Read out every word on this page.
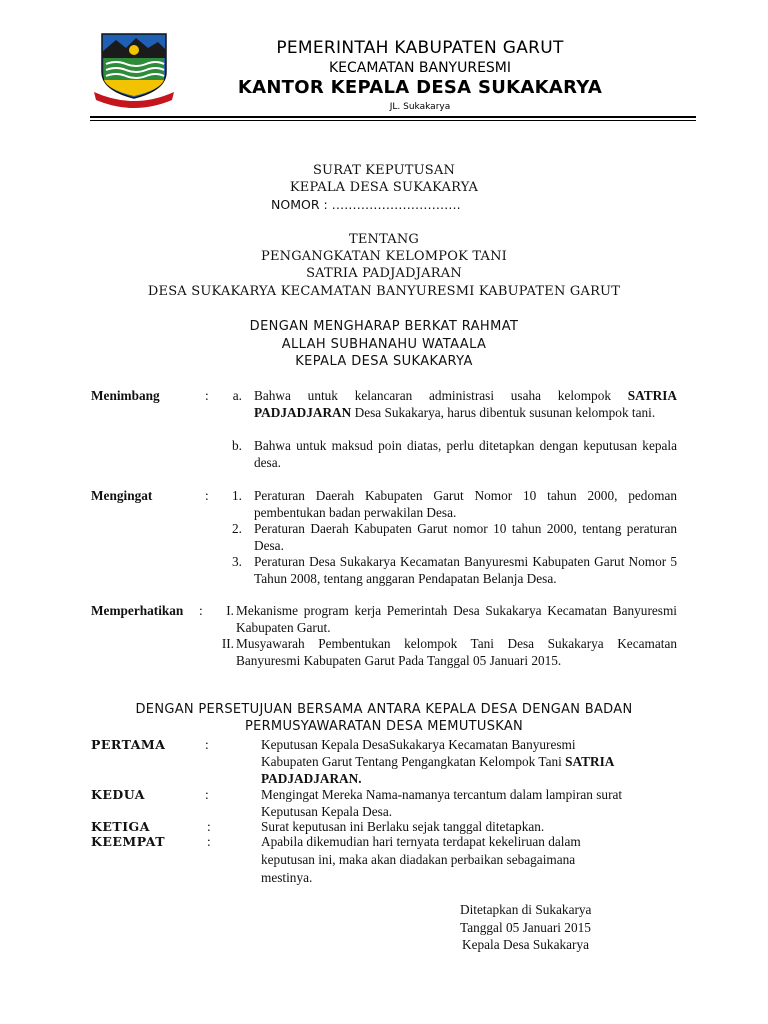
PEMERINTAH KABUPATEN GARUT
KECAMATAN BANYURESMI
KANTOR KEPALA DESA SUKAKARYA
JL. Sukakarya
SURAT KEPUTUSAN
KEPALA DESA SUKAKARYA
NOMOR : ………………………….
TENTANG
PENGANGKATAN KELOMPOK TANI
SATRIA PADJADJARAN
DESA SUKAKARYA KECAMATAN BANYURESMI KABUPATEN GARUT
DENGAN MENGHARAP BERKAT RAHMAT
ALLAH SUBHANAHU WATAALA
KEPALA DESA SUKAKARYA
Menimbang	:	a. Bahwa untuk kelancaran administrasi usaha kelompok SATRIA PADJADJARAN Desa Sukakarya, harus dibentuk susunan kelompok tani.
b. Bahwa untuk maksud poin diatas, perlu ditetapkan dengan keputusan kepala desa.
Mengingat	:	1. Peraturan Daerah Kabupaten Garut Nomor 10 tahun 2000, pedoman pembentukan badan perwakilan Desa.
2. Peraturan Daerah Kabupaten Garut nomor 10 tahun 2000, tentang peraturan Desa.
3. Peraturan Desa Sukakarya Kecamatan Banyuresmi Kabupaten Garut Nomor 5 Tahun 2008, tentang anggaran Pendapatan Belanja Desa.
Memperhatikan :	I. Mekanisme program kerja Pemerintah Desa Sukakarya Kecamatan Banyuresmi Kabupaten Garut.
II. Musyawarah Pembentukan kelompok Tani Desa Sukakarya Kecamatan Banyuresmi Kabupaten Garut Pada Tanggal 05 Januari 2015.
DENGAN PERSETUJUAN BERSAMA ANTARA KEPALA DESA DENGAN BADAN
PERMUSYAWARATAN DESA MEMUTUSKAN
PERTAMA	:	Keputusan Kepala DesaSukakarya Kecamatan Banyuresmi
Kabupaten Garut Tentang Pengangkatan Kelompok Tani SATRIA
PADJADJARAN.
KEDUA	:	Mengingat Mereka Nama-namanya tercantum dalam lampiran surat
Keputusan Kepala Desa.
KETIGA	:	Surat keputusan ini Berlaku sejak tanggal ditetapkan.
KEEMPAT	:	Apabila dikemudian hari ternyata terdapat kekeliruan dalam
keputusan ini, maka akan diadakan perbaikan sebagaimana
mestinya.
Ditetapkan di Sukakarya
Tanggal 05 Januari 2015
Kepala Desa Sukakarya
